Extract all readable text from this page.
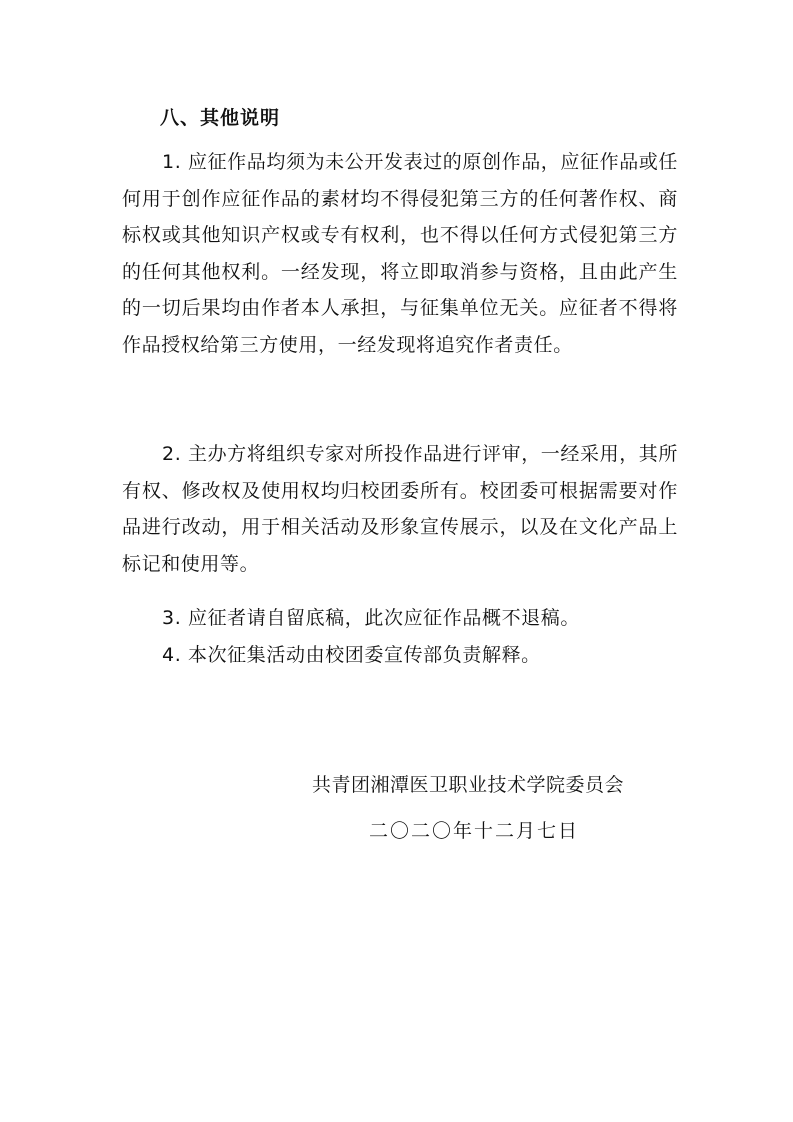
八、其他说明

1. 应征作品均须为未公开发表过的原创作品，应征作品或任何用于创作应征作品的素材均不得侵犯第三方的任何著作权、商标权或其他知识产权或专有权利，也不得以任何方式侵犯第三方的任何其他权利。一经发现，将立即取消参与资格，且由此产生的一切后果均由作者本人承担，与征集单位无关。应征者不得将作品授权给第三方使用，一经发现将追究作者责任。

2. 主办方将组织专家对所投作品进行评审，一经采用，其所有权、修改权及使用权均归校团委所有。校团委可根据需要对作品进行改动，用于相关活动及形象宣传展示，以及在文化产品上标记和使用等。

3. 应征者请自留底稿，此次应征作品概不退稿。

4. 本次征集活动由校团委宣传部负责解释。

共青团湘潭医卫职业技术学院委员会
二〇二〇年十二月七日
